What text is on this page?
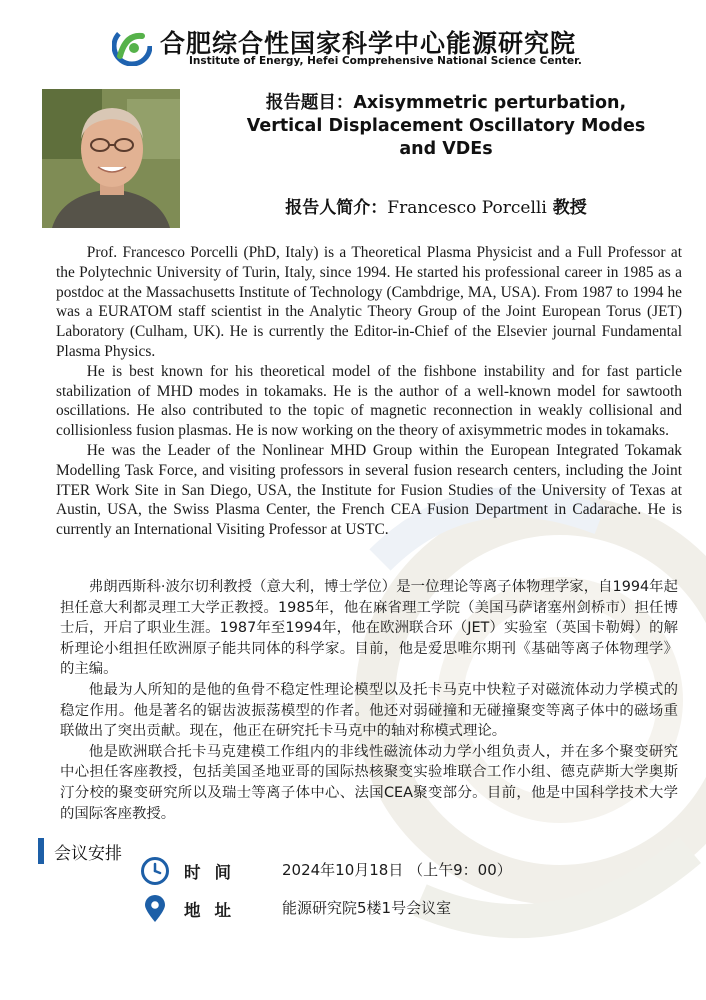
合肥综合性国家科学中心能源研究院
Institute of Energy, Hefei Comprehensive National Science Center.
报告题目：Axisymmetric perturbation,
Vertical Displacement Oscillatory Modes
and VDEs
报告人简介：Francesco Porcelli 教授

Prof. Francesco Porcelli (PhD, Italy) is a Theoretical Plasma Physicist and a Full Professor at the Polytechnic University of Turin, Italy, since 1994. He started his professional career in 1985 as a postdoc at the Massachusetts Institute of Technology (Cambdrige, MA, USA). From 1987 to 1994 he was a EURATOM staff scientist in the Analytic Theory Group of the Joint European Torus (JET) Laboratory (Culham, UK). He is currently the Editor-in-Chief of the Elsevier journal Fundamental Plasma Physics.

He is best known for his theoretical model of the fishbone instability and for fast particle stabilization of MHD modes in tokamaks. He is the author of a well-known model for sawtooth oscillations. He also contributed to the topic of magnetic reconnection in weakly collisional and collisionless fusion plasmas. He is now working on the theory of axisymmetric modes in tokamaks.

He was the Leader of the Nonlinear MHD Group within the European Integrated Tokamak Modelling Task Force, and visiting professors in several fusion research centers, including the Joint ITER Work Site in San Diego, USA, the Institute for Fusion Studies of the University of Texas at Austin, USA, the Swiss Plasma Center, the French CEA Fusion Department in Cadarache. He is currently an International Visiting Professor at USTC.

弗朗西斯科·波尔切利教授（意大利，博士学位）是一位理论等离子体物理学家，自1994年起担任意大利都灵理工大学正教授。1985年，他在麻省理工学院（美国马萨诸塞州剑桥市）担任博士后，开启了职业生涯。1987年至1994年，他在欧洲联合环（JET）实验室（英国卡勒姆）的解析理论小组担任欧洲原子能共同体的科学家。目前，他是爱思唯尔期刊《基础等离子体物理学》的主编。

他最为人所知的是他的鱼骨不稳定性理论模型以及托卡马克中快粒子对磁流体动力学模式的稳定作用。他是著名的锯齿波振荡模型的作者。他还对弱碰撞和无碰撞聚变等离子体中的磁场重联做出了突出贡献。现在，他正在研究托卡马克中的轴对称模式理论。

他是欧洲联合托卡马克建模工作组内的非线性磁流体动力学小组负责人，并在多个聚变研究中心担任客座教授，包括美国圣地亚哥的国际热核聚变实验堆联合工作小组、德克萨斯大学奥斯汀分校的聚变研究所以及瑞士等离子体中心、法国CEA聚变部分。目前，他是中国科学技术大学的国际客座教授。

会议安排
时间 2024年10月18日 （上午9：00）
地址 能源研究院5楼1号会议室
